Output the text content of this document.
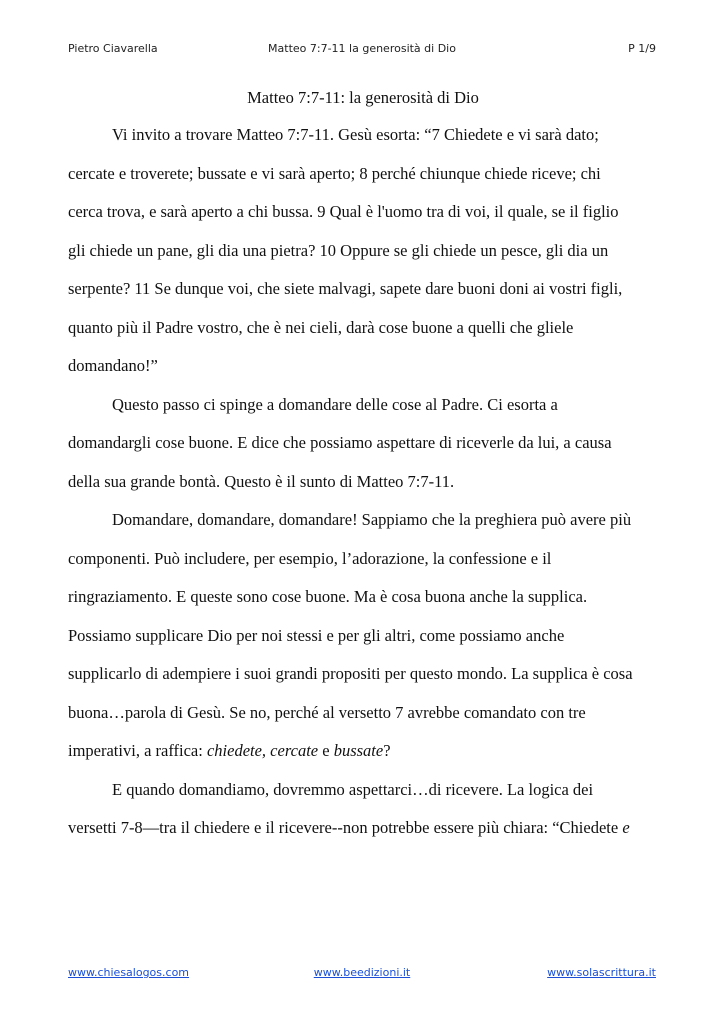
Pietro Ciavarella	Matteo 7:7-11 la generosità di Dio	P 1/9
Matteo 7:7-11: la generosità di Dio
Vi invito a trovare Matteo 7:7-11. Gesù esorta: “7 Chiedete e vi sarà dato;
cercate e troverete; bussate e vi sarà aperto; 8 perché chiunque chiede riceve; chi
cerca trova, e sarà aperto a chi bussa. 9 Qual è l'uomo tra di voi, il quale, se il figlio
gli chiede un pane, gli dia una pietra? 10 Oppure se gli chiede un pesce, gli dia un
serpente? 11 Se dunque voi, che siete malvagi, sapete dare buoni doni ai vostri figli,
quanto più il Padre vostro, che è nei cieli, darà cose buone a quelli che gliele
domandano!”
Questo passo ci spinge a domandare delle cose al Padre. Ci esorta a
domandargli cose buone. E dice che possiamo aspettare di riceverle da lui, a causa
della sua grande bontà. Questo è il sunto di Matteo 7:7-11.
Domandare, domandare, domandare! Sappiamo che la preghiera può avere più
componenti. Può includere, per esempio, l’adorazione, la confessione e il
ringraziamento. E queste sono cose buone. Ma è cosa buona anche la supplica.
Possiamo supplicare Dio per noi stessi e per gli altri, come possiamo anche
supplicarlo di adempiere i suoi grandi propositi per questo mondo. La supplica è cosa
buona…parola di Gesù. Se no, perché al versetto 7 avrebbe comandato con tre
imperativi, a raffica: chiedete, cercate e bussate?
E quando domandiamo, dovremmo aspettarci…di ricevere. La logica dei
versetti 7-8—tra il chiedere e il ricevere--non potrebbe essere più chiara: “Chiedete e
www.chiesalogos.com	www.beedizioni.it	www.solascrittura.it
